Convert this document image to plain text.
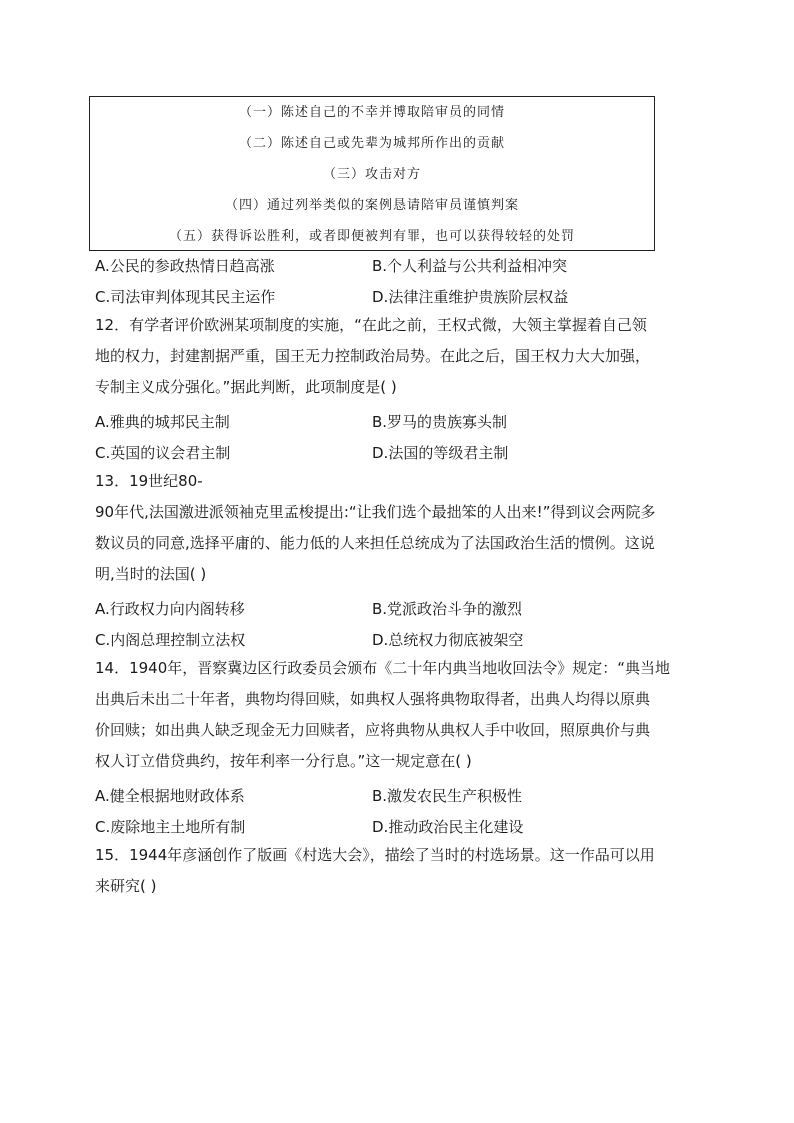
（一）陈述自己的不幸并博取陪审员的同情
（二）陈述自己或先辈为城邦所作出的贡献
（三）攻击对方
（四）通过列举类似的案例恳请陪审员谨慎判案
（五）获得诉讼胜利，或者即便被判有罪，也可以获得较轻的处罚
A.公民的参政热情日趋高涨	B.个人利益与公共利益相冲突
C.司法审判体现其民主运作	D.法律注重维护贵族阶层权益
12．有学者评价欧洲某项制度的实施，“在此之前，王权式微，大领主掌握着自己领
地的权力，封建割据严重，国王无力控制政治局势。在此之后，国王权力大大加强，
专制主义成分强化。”据此判断，此项制度是( )
A.雅典的城邦民主制	B.罗马的贵族寡头制
C.英国的议会君主制	D.法国的等级君主制
13．19世纪80-
90年代,法国激进派领袖克里孟梭提出:“让我们选个最拙笨的人出来!”得到议会两院多
数议员的同意,选择平庸的、能力低的人来担任总统成为了法国政治生活的惯例。这说
明,当时的法国( )
A.行政权力向内阁转移	B.党派政治斗争的激烈
C.内阁总理控制立法权	D.总统权力彻底被架空
14．1940年，晋察冀边区行政委员会颁布《二十年内典当地收回法令》规定：“典当地
出典后未出二十年者，典物均得回赎，如典权人强将典物取得者，出典人均得以原典
价回赎；如出典人缺乏现金无力回赎者，应将典物从典权人手中收回，照原典价与典
权人订立借贷典约，按年利率一分行息。”这一规定意在( )
A.健全根据地财政体系	B.激发农民生产积极性
C.废除地主土地所有制	D.推动政治民主化建设
15．1944年彦涵创作了版画《村选大会》，描绘了当时的村选场景。这一作品可以用
来研究( )
